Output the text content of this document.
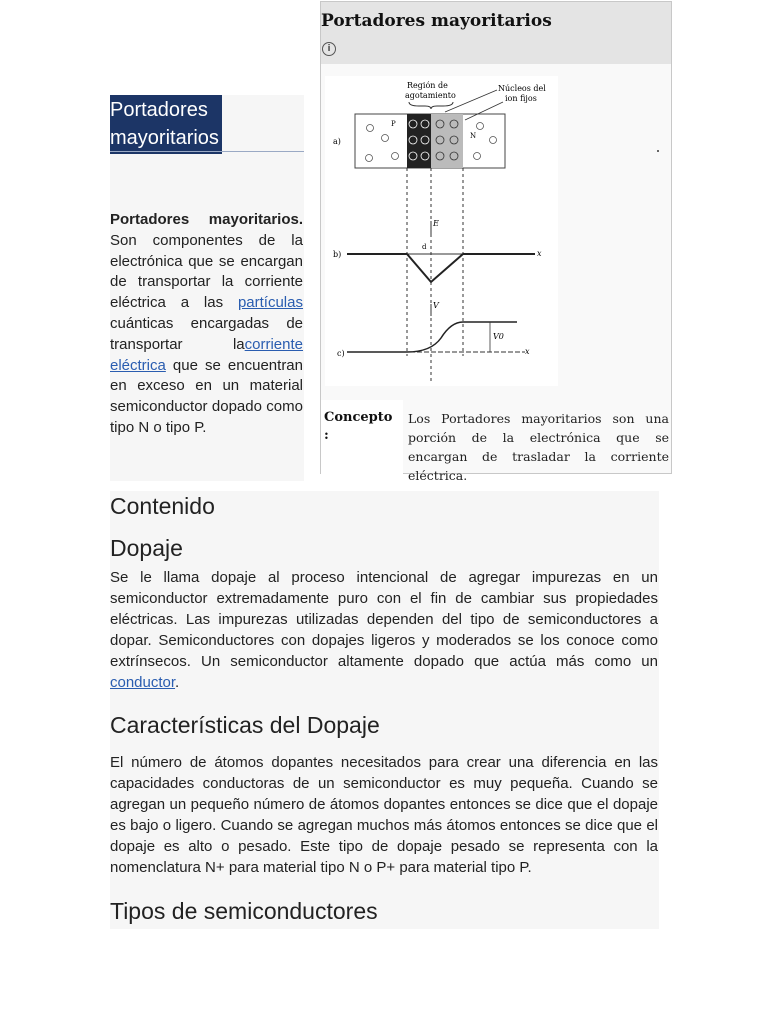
Portadores mayoritarios
Portadores mayoritarios. Son componentes de la electrónica que se encargan de transportar la corriente eléctrica a las partículas cuánticas encargadas de transportar lacorriente eléctrica que se encuentran en exceso en un material semiconductor dopado como tipo N o tipo P.
Portadores mayoritarios
i
a)
P
N
Región de
agotamiento
Núcleos del
ion fijos
b)	x
E
d
c)	x
V
V0
Concepto :
Los Portadores mayoritarios son una porción de la electrónica que se encargan de trasladar la corriente eléctrica.
Contenido
Dopaje
Se le llama dopaje al proceso intencional de agregar impurezas en un semiconductor extremadamente puro con el fin de cambiar sus propiedades eléctricas. Las impurezas utilizadas dependen del tipo de semiconductores a dopar. Semiconductores con dopajes ligeros y moderados se los conoce como extrínsecos. Un semiconductor altamente dopado que actúa más como un conductor.
Características del Dopaje
El número de átomos dopantes necesitados para crear una diferencia en las capacidades conductoras de un semiconductor es muy pequeña. Cuando se agregan un pequeño número de átomos dopantes entonces se dice que el dopaje es bajo o ligero. Cuando se agregan muchos más átomos entonces se dice que el dopaje es alto o pesado. Este tipo de dopaje pesado se representa con la nomenclatura N+ para material tipo N o P+ para material tipo P.
Tipos de semiconductores
